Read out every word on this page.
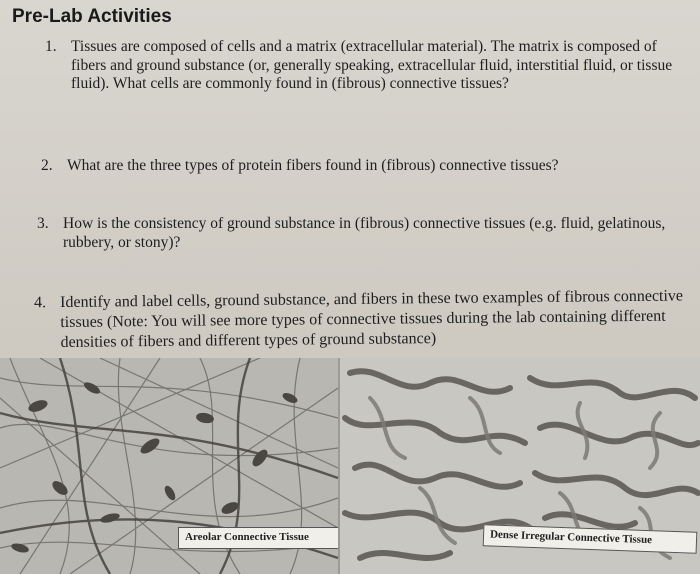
Pre-Lab Activities
1. Tissues are composed of cells and a matrix (extracellular material). The matrix is composed of fibers and ground substance (or, generally speaking, extracellular fluid, interstitial fluid, or tissue fluid). What cells are commonly found in (fibrous) connective tissues?
2. What are the three types of protein fibers found in (fibrous) connective tissues?
3. How is the consistency of ground substance in (fibrous) connective tissues (e.g. fluid, gelatinous, rubbery, or stony)?
4. Identify and label cells, ground substance, and fibers in these two examples of fibrous connective tissues (Note: You will see more types of connective tissues during the lab containing different densities of fibers and different types of ground substance)
Areolar Connective Tissue	Dense Irregular Connective Tissue
